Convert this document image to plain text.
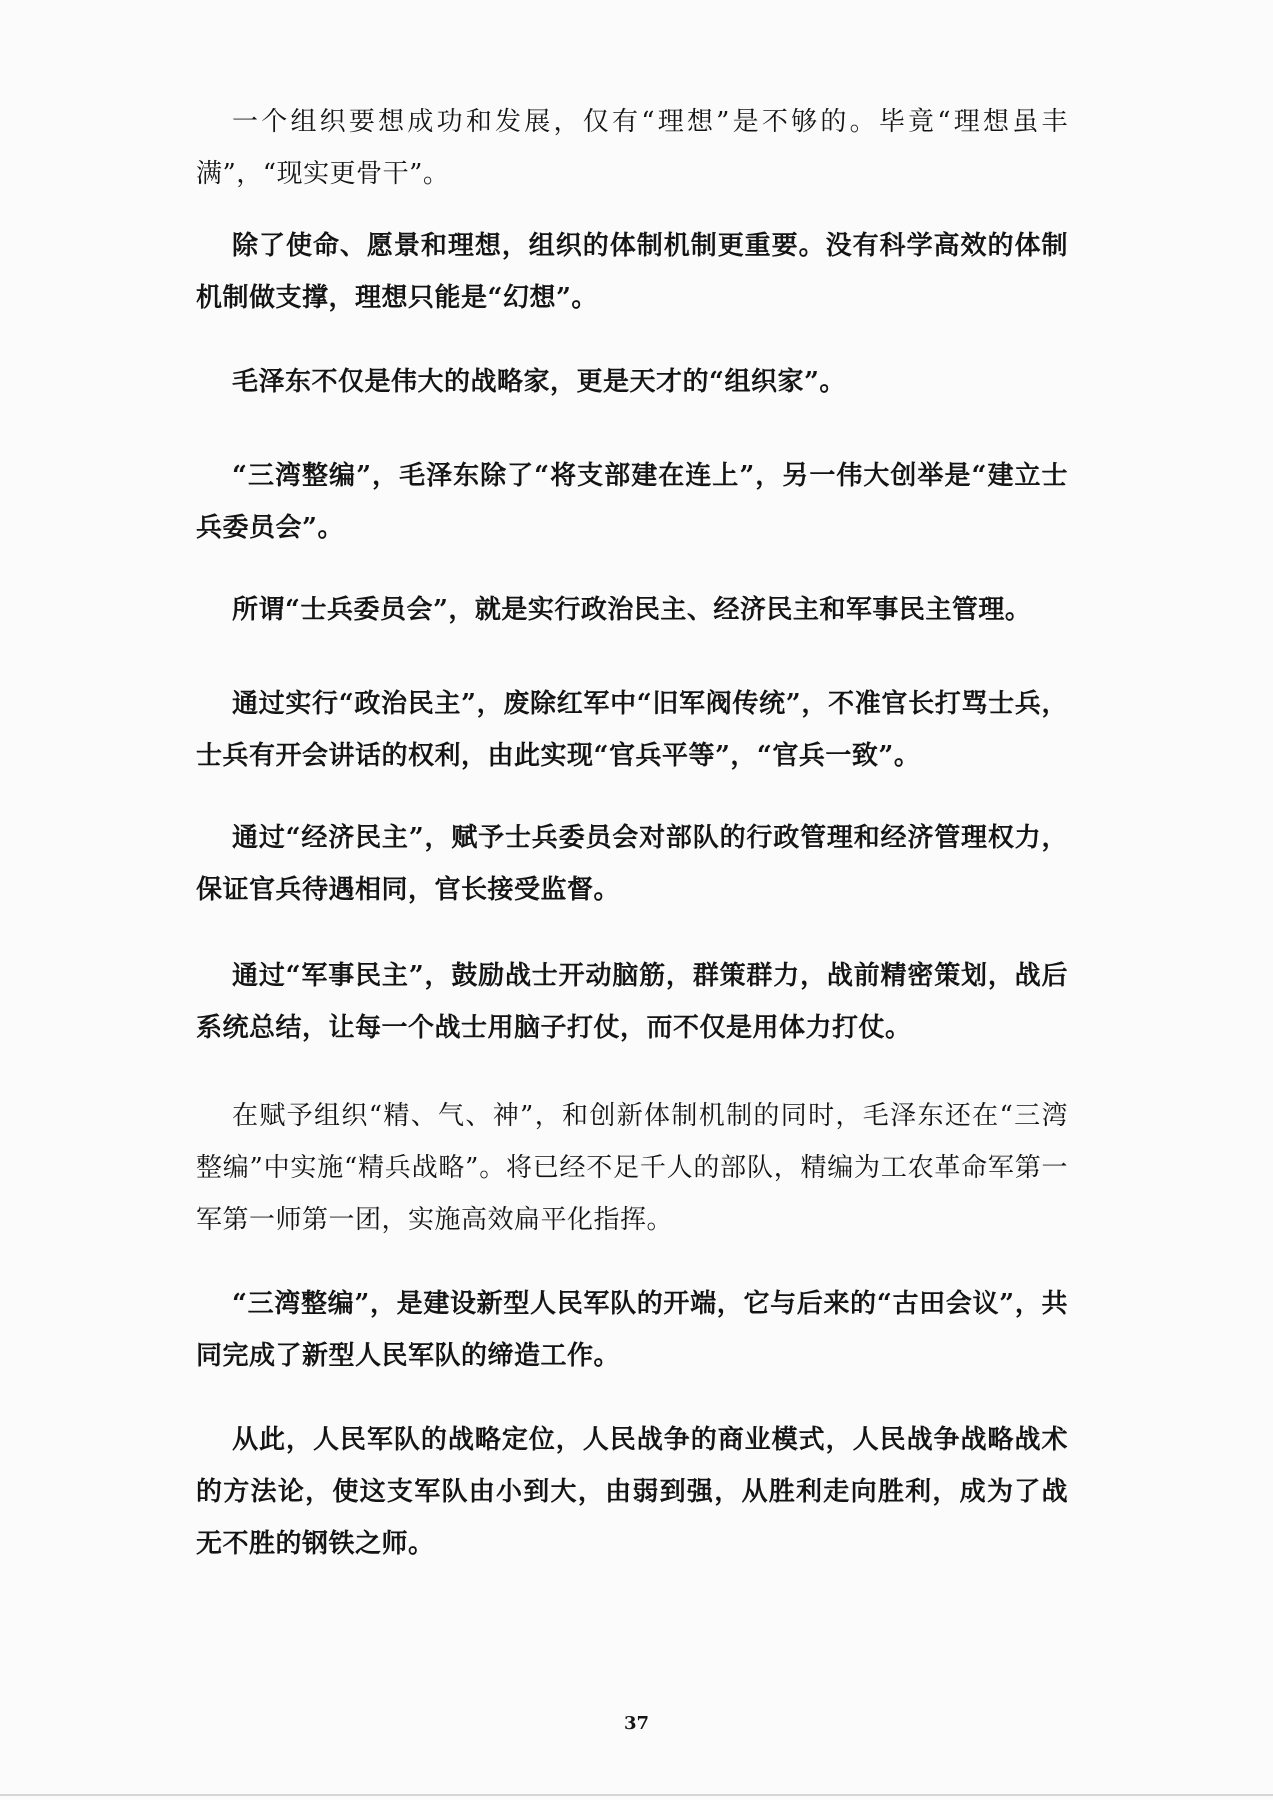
一个组织要想成功和发展，仅有“理想”是不够的。毕竟“理想虽丰满”，“现实更骨干”。

除了使命、愿景和理想，组织的体制机制更重要。没有科学高效的体制机制做支撑，理想只能是“幻想”。

毛泽东不仅是伟大的战略家，更是天才的“组织家”。

“三湾整编”，毛泽东除了“将支部建在连上”，另一伟大创举是“建立士兵委员会”。

所谓“士兵委员会”，就是实行政治民主、经济民主和军事民主管理。

通过实行“政治民主”，废除红军中“旧军阀传统”，不准官长打骂士兵，士兵有开会讲话的权利，由此实现“官兵平等”，“官兵一致”。

通过“经济民主”，赋予士兵委员会对部队的行政管理和经济管理权力，保证官兵待遇相同，官长接受监督。

通过“军事民主”，鼓励战士开动脑筋，群策群力，战前精密策划，战后系统总结，让每一个战士用脑子打仗，而不仅是用体力打仗。

在赋予组织“精、气、神”，和创新体制机制的同时，毛泽东还在“三湾整编”中实施“精兵战略”。将已经不足千人的部队，精编为工农革命军第一军第一师第一团，实施高效扁平化指挥。

“三湾整编”，是建设新型人民军队的开端，它与后来的“古田会议”，共同完成了新型人民军队的缔造工作。

从此，人民军队的战略定位，人民战争的商业模式，人民战争战略战术的方法论，使这支军队由小到大，由弱到强，从胜利走向胜利，成为了战无不胜的钢铁之师。

37
